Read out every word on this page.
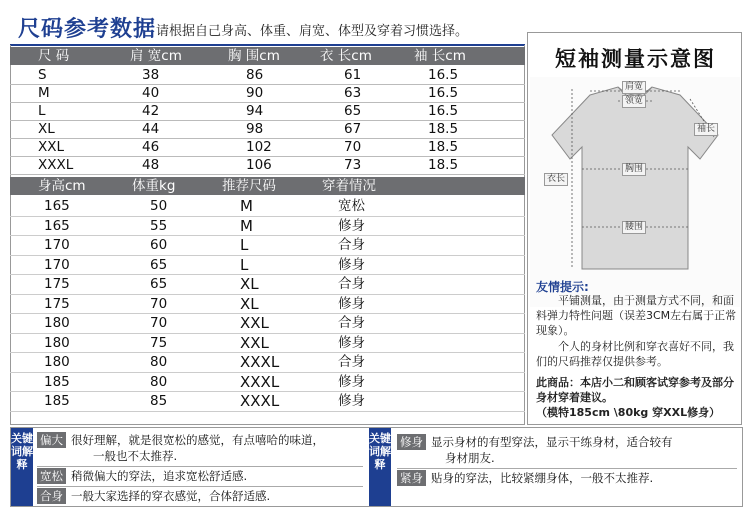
尺码参考数据 请根据自己身高、体重、肩宽、体型及穿着习惯选择。
尺 码	肩 宽cm	胸 围cm	衣 长cm	袖 长cm
身高cm	体重kg	推荐尺码	穿着情况
短袖测量示意图
肩宽
领宽
袖长
胸围
衣长
腰围
友情提示:
平铺测量，由于测量方式不同，和面料弹力特性问题（误差3CM左右属于正常现象）。
个人的身材比例和穿衣喜好不同，我们的尺码推荐仅提供参考。
此商品：本店小二和顾客试穿参考及部分身材穿着建议。
（模特185cm \80kg 穿XXL修身）
关键词解释
关键词解释
偏大 很好理解，就是很宽松的感觉，有点嘻哈的味道，
一般也不太推荐.
宽松 稍微偏大的穿法，追求宽松舒适感.
合身 一般大家选择的穿衣感觉，合体舒适感.
修身 显示身材的有型穿法，显示干练身材，适合较有
身材朋友.
紧身 贴身的穿法，比较紧绷身体，一般不太推荐.
S	38	86	61	16.5
M	40	90	63	16.5
L	42	94	65	16.5
XL	44	98	67	18.5
XXL	46	102	70	18.5
XXXL	48	106	73	18.5
165	50	M	宽松
165	55	M	修身
170	60	L	合身
170	65	L	修身
175	65	XL	合身
175	70	XL	修身
180	70	XXL	合身
180	75	XXL	修身
180	80	XXXL	合身
185	80	XXXL	修身
185	85	XXXL	修身
